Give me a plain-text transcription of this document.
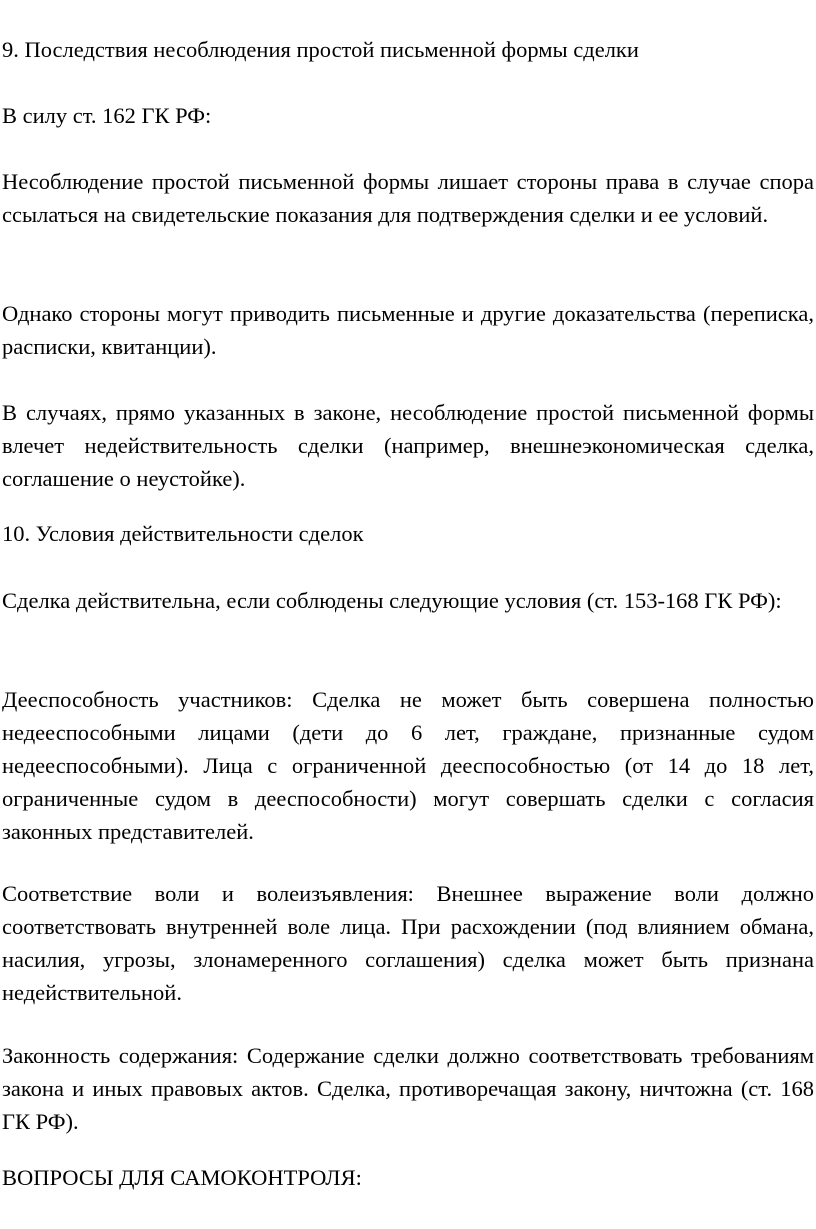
9. Последствия несоблюдения простой письменной формы сделки

В силу ст. 162 ГК РФ:

Несоблюдение простой письменной формы лишает стороны права в случае спора ссылаться на свидетельские показания для подтверждения сделки и ее условий.

Однако стороны могут приводить письменные и другие доказательства (переписка, расписки, квитанции).

В случаях, прямо указанных в законе, несоблюдение простой письменной формы влечет недействительность сделки (например, внешнеэкономическая сделка, соглашение о неустойке).

10. Условия действительности сделок

Сделка действительна, если соблюдены следующие условия (ст. 153-168 ГК РФ):

Дееспособность участников: Сделка не может быть совершена полностью недееспособными лицами (дети до 6 лет, граждане, признанные судом недееспособными). Лица с ограниченной дееспособностью (от 14 до 18 лет, ограниченные судом в дееспособности) могут совершать сделки с согласия законных представителей.

Соответствие воли и волеизъявления: Внешнее выражение воли должно соответствовать внутренней воле лица. При расхождении (под влиянием обмана, насилия, угрозы, злонамеренного соглашения) сделка может быть признана недействительной.

Законность содержания: Содержание сделки должно соответствовать требованиям закона и иных правовых актов. Сделка, противоречащая закону, ничтожна (ст. 168 ГК РФ).

ВОПРОСЫ ДЛЯ САМОКОНТРОЛЯ:
